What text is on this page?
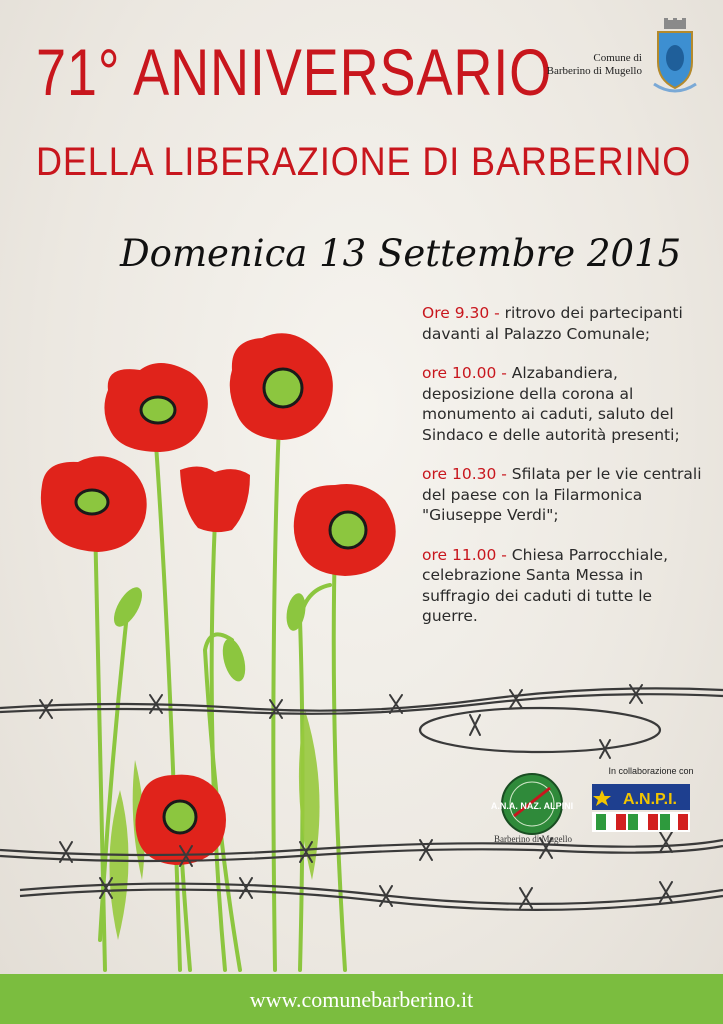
71° ANNIVERSARIO
DELLA LIBERAZIONE DI BARBERINO
Domenica 13 Settembre 2015
Comune di
Barberino di Mugello

Ore 9.30 - ritrovo dei partecipanti davanti al Palazzo Comunale;

ore 10.00 - Alzabandiera, deposizione della corona al monumento ai caduti, saluto del Sindaco e delle autorità presenti;

ore 10.30 - Sfilata per le vie centrali del paese con la Filarmonica "Giuseppe Verdi";

ore 11.00 - Chiesa Parrocchiale, celebrazione Santa Messa in suffragio dei caduti di tutte le guerre.

A.N.A. NAZ. ALPINI
Barberino di Mugello
In collaborazione con
A.N.P.I.
www.comunebarberino.it
